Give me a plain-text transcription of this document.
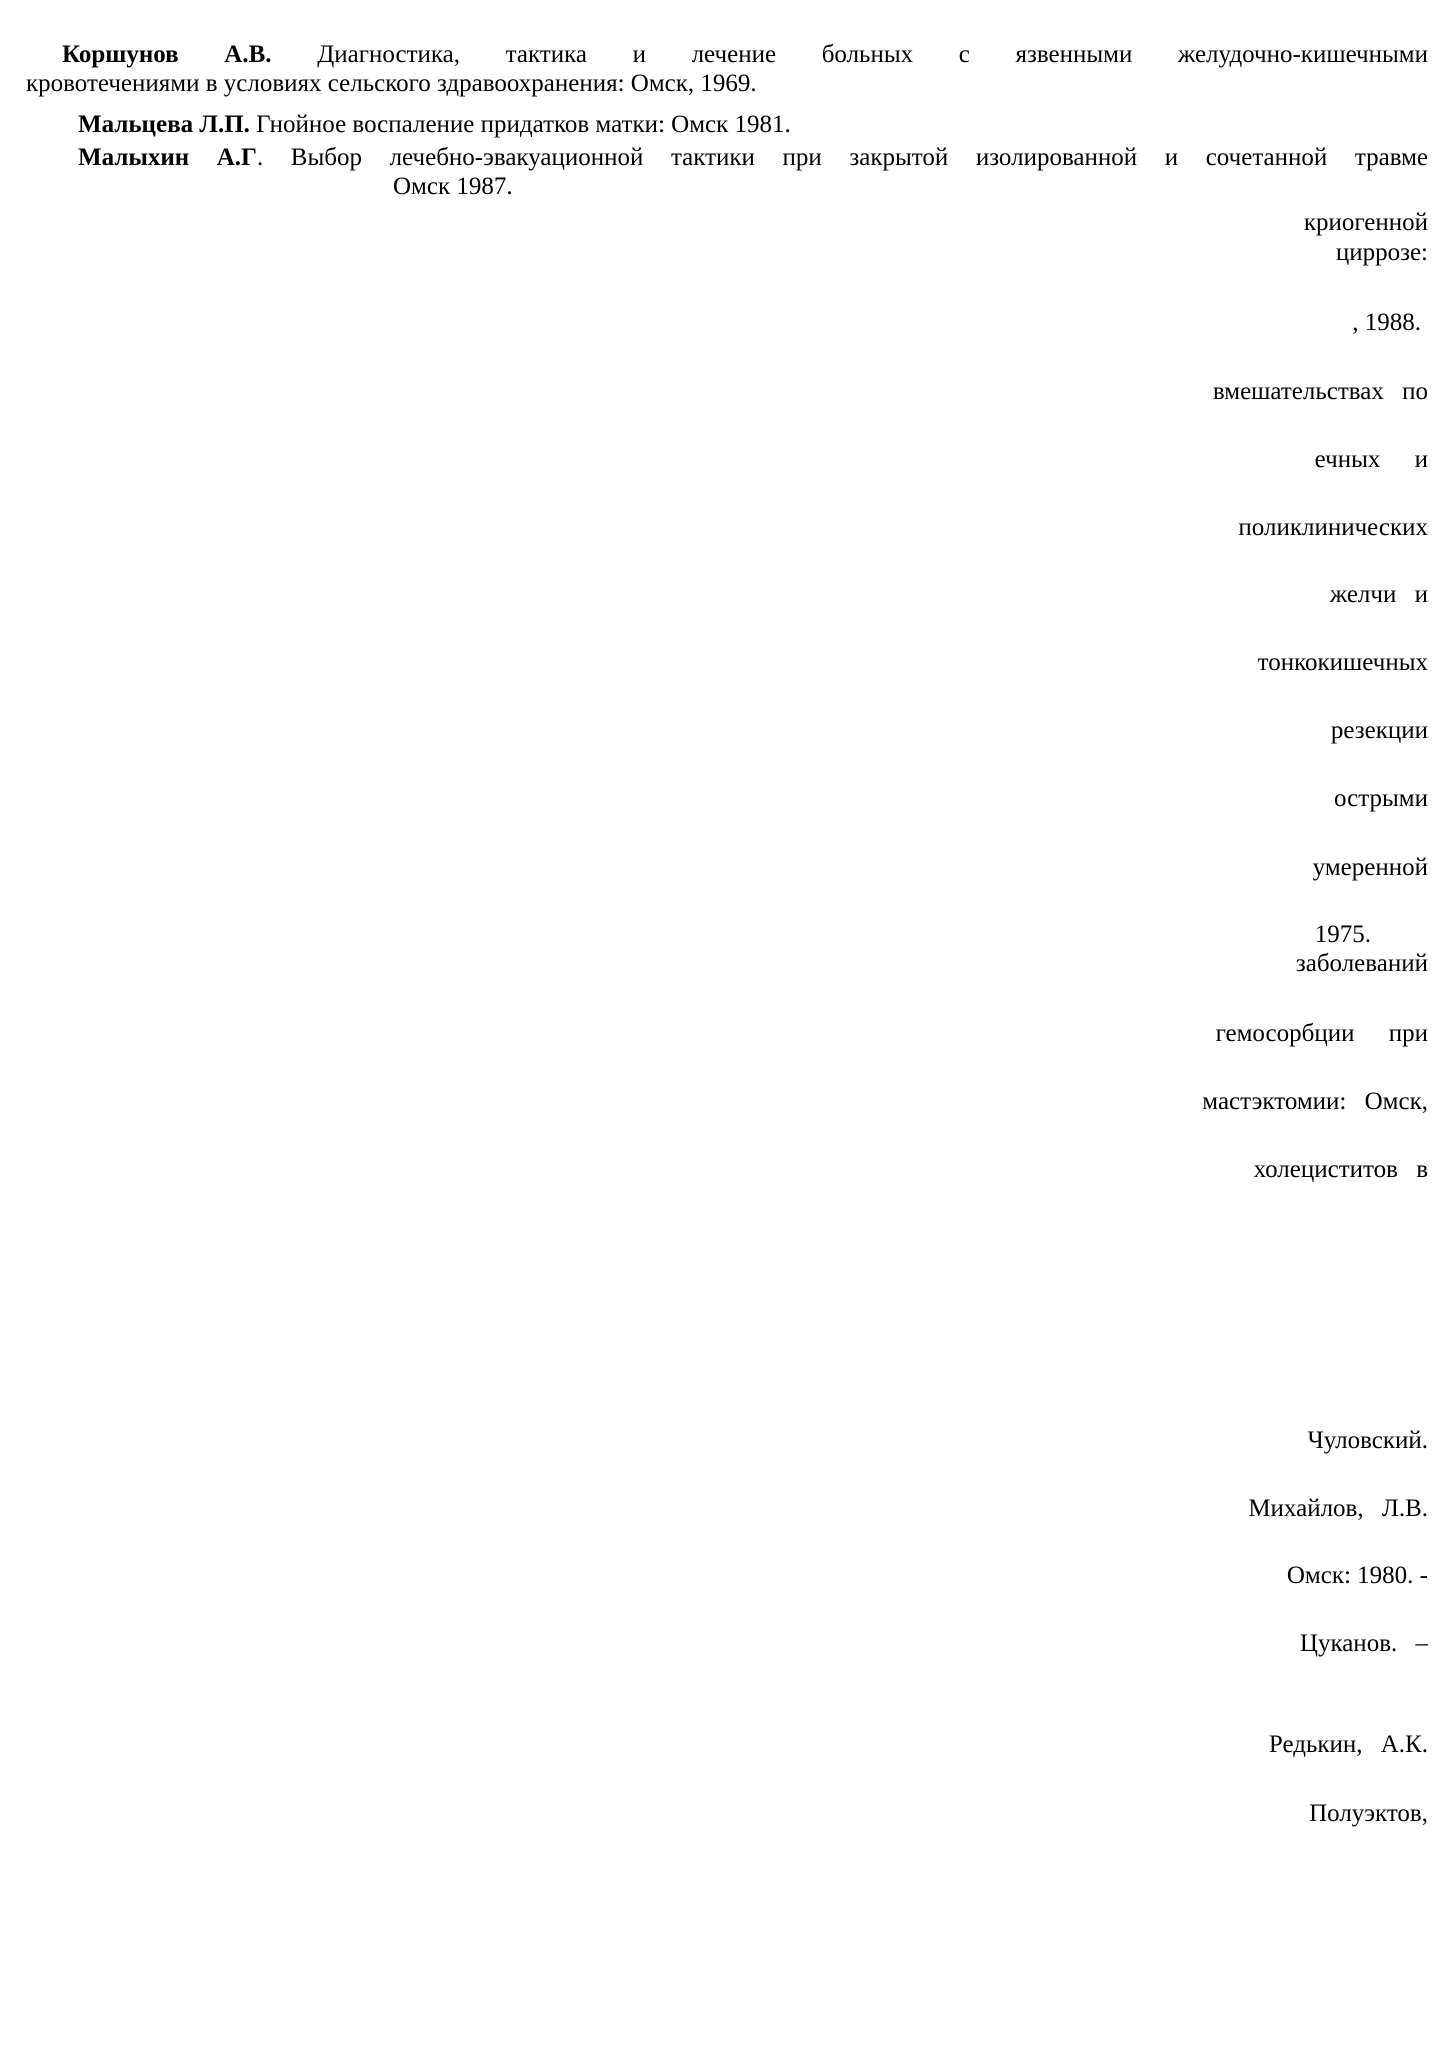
Коршунов А.В. Диагностика, тактика и лечение больных с язвенными желудочно-кишечными
кровотечениями в условиях сельского здравоохранения: Омск, 1969.
Мальцева Л.П. Гнойное воспаление придатков матки: Омск 1981.
Малыхин А.Г. Выбор лечебно-эвакуационной тактики при закрытой изолированной и сочетанной травме
Омск 1987.
криогенной
циррозе:
, 1988.
вмешательствах по
ечных и
поликлинических
желчи и
тонкокишечных
резекции
острыми
умеренной
1975.
заболеваний
гемосорбции при
мастэктомии: Омск,
холециститов в
Чуловский.
Михайлов, Л.В.
Омск: 1980. -
Цуканов. –
Редькин, А.К.
Полуэктов,
